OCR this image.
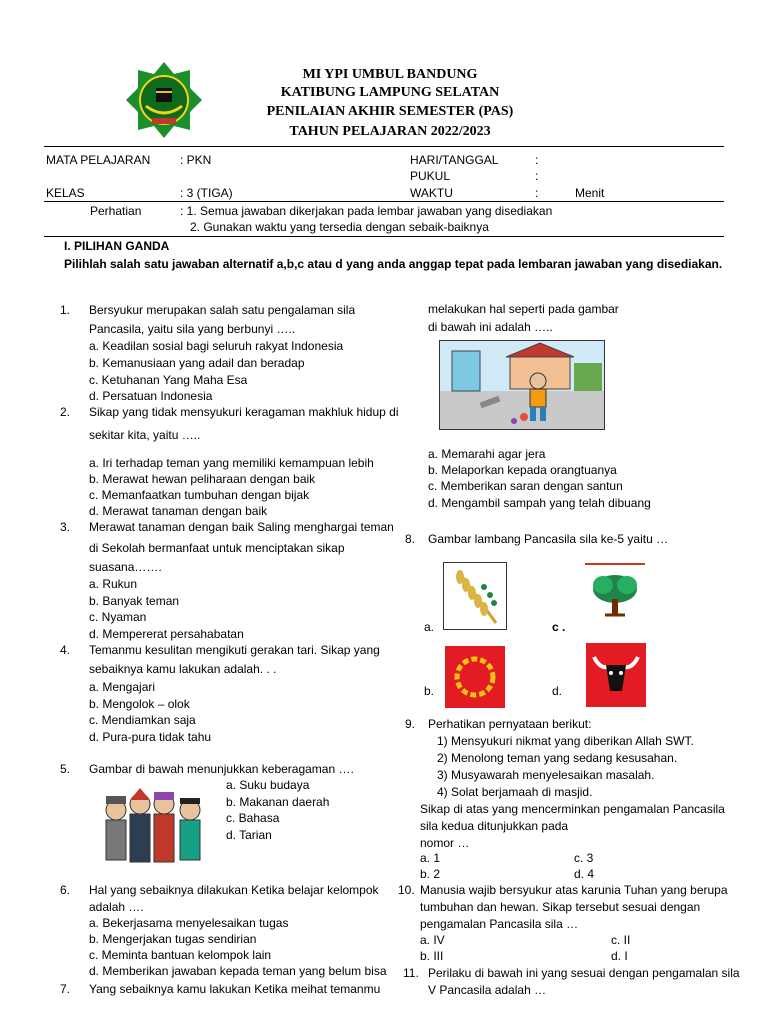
MI YPI UMBUL BANDUNG
KATIBUNG LAMPUNG SELATAN
PENILAIAN AKHIR SEMESTER (PAS)
TAHUN PELAJARAN 2022/2023
MATA PELAJARAN : PKN	HARI/TANGGAL	:
PUKUL	:
KELAS	: 3 (TIGA)	WAKTU	:	Menit
Perhatian	: 1. Semua jawaban dikerjakan pada lembar jawaban yang disediakan
2. Gunakan waktu yang tersedia dengan sebaik-baiknya
I. PILIHAN GANDA
Pilihlah salah satu jawaban alternatif a,b,c atau d yang anda anggap tepat pada lembaran jawaban yang disediakan.
1. Bersyukur merupakan salah satu pengalaman sila
Pancasila, yaitu sila yang berbunyi …..
a. Keadilan sosial bagi seluruh rakyat Indonesia
b. Kemanusiaan yang adail dan beradap
c. Ketuhanan Yang Maha Esa
d. Persatuan Indonesia
2. Sikap yang tidak mensyukuri keragaman makhluk hidup di
sekitar kita, yaitu …..
a. Iri terhadap teman yang memiliki kemampuan lebih
b. Merawat hewan peliharaan dengan baik
c. Memanfaatkan tumbuhan dengan bijak
d. Merawat tanaman dengan baik
3. Merawat tanaman dengan baik Saling menghargai teman
di Sekolah bermanfaat untuk menciptakan sikap
suasana…….
a. Rukun
b. Banyak teman
c. Nyaman
d. Mempererat persahabatan
4. Temanmu kesulitan mengikuti gerakan tari. Sikap yang
sebaiknya kamu lakukan adalah. . .
a. Mengajari
b. Mengolok – olok
c. Mendiamkan saja
d. Pura-pura tidak tahu
5. Gambar di bawah menunjukkan keberagaman ….
a. Suku budaya
b. Makanan daerah
c. Bahasa
d. Tarian
6. Hal yang sebaiknya dilakukan Ketika belajar kelompok
adalah ….
a. Bekerjasama menyelesaikan tugas
b. Mengerjakan tugas sendirian
c. Meminta bantuan kelompok lain
d. Memberikan jawaban kepada teman yang belum bisa
7. Yang sebaiknya kamu lakukan Ketika meihat temanmu
melakukan hal seperti pada gambar
di bawah ini adalah …..
a. Memarahi agar jera
b. Melaporkan kepada orangtuanya
c. Memberikan saran dengan santun
d. Mengambil sampah yang telah dibuang
8. Gambar lambang Pancasila sila ke-5 yaitu …
a.	c .
b.	d.
9. Perhatikan pernyataan berikut:
1) Mensyukuri nikmat yang diberikan Allah SWT.
2) Menolong teman yang sedang kesusahan.
3) Musyawarah menyelesaikan masalah.
4) Solat berjamaah di masjid.
Sikap di atas yang mencerminkan pengamalan Pancasila
sila kedua ditunjukkan pada
nomor …
a. 1	c. 3
b. 2	d. 4
10. Manusia wajib bersyukur atas karunia Tuhan yang berupa
tumbuhan dan hewan. Sikap tersebut sesuai dengan
pengamalan Pancasila sila …
a. IV	c. II
b. III	d. I
11. Perilaku di bawah ini yang sesuai dengan pengamalan sila
V Pancasila adalah …
